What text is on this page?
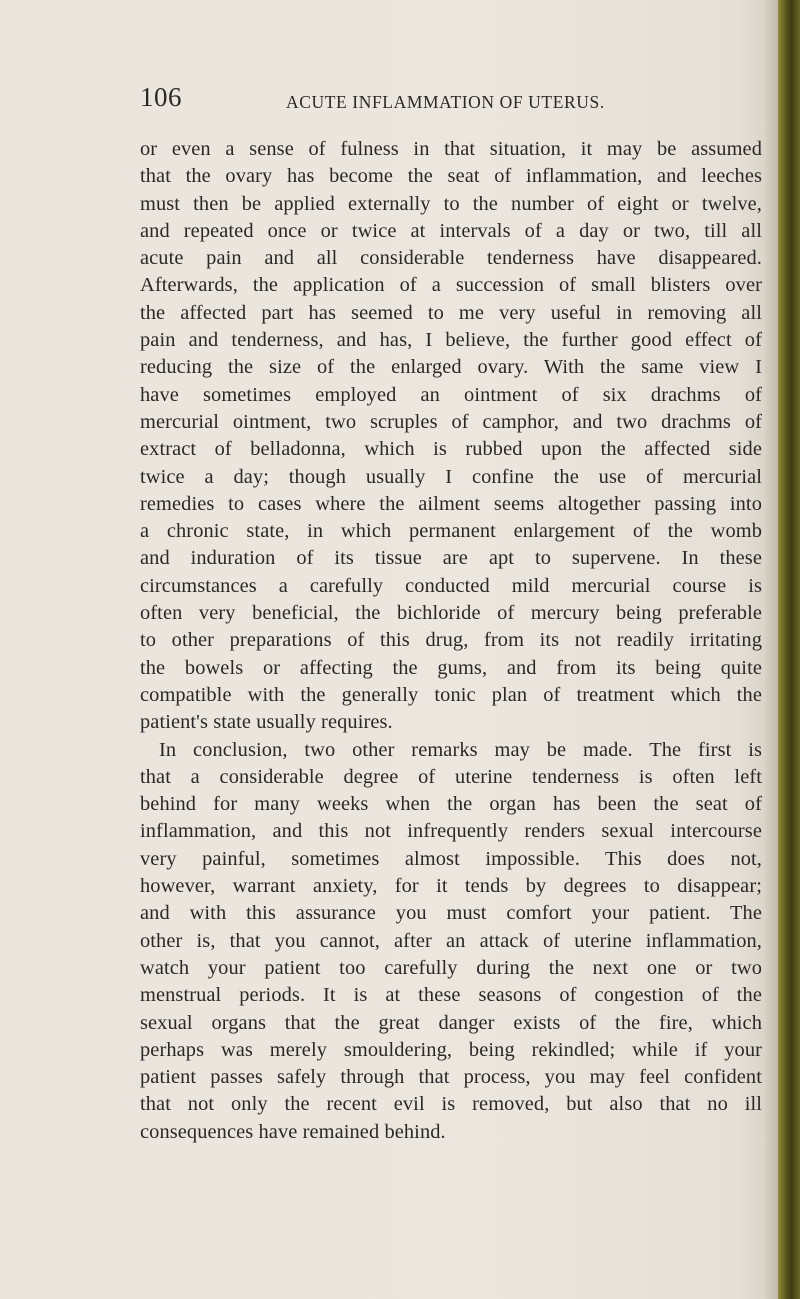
106	ACUTE INFLAMMATION OF UTERUS.
or even a sense of fulness in that situation, it may be assumed
that the ovary has become the seat of inflammation, and leeches
must then be applied externally to the number of eight or twelve,
and repeated once or twice at intervals of a day or two, till all
acute pain and all considerable tenderness have disappeared.
Afterwards, the application of a succession of small blisters over
the affected part has seemed to me very useful in removing all
pain and tenderness, and has, I believe, the further good effect of
reducing the size of the enlarged ovary. With the same view I
have sometimes employed an ointment of six drachms of
mercurial ointment, two scruples of camphor, and two drachms of
extract of belladonna, which is rubbed upon the affected side
twice a day; though usually I confine the use of mercurial
remedies to cases where the ailment seems altogether passing into
a chronic state, in which permanent enlargement of the womb
and induration of its tissue are apt to supervene. In these
circumstances a carefully conducted mild mercurial course is
often very beneficial, the bichloride of mercury being preferable
to other preparations of this drug, from its not readily irritating
the bowels or affecting the gums, and from its being quite
compatible with the generally tonic plan of treatment which the
patient's state usually requires.
In conclusion, two other remarks may be made. The first is
that a considerable degree of uterine tenderness is often left
behind for many weeks when the organ has been the seat of
inflammation, and this not infrequently renders sexual intercourse
very painful, sometimes almost impossible. This does not,
however, warrant anxiety, for it tends by degrees to disappear;
and with this assurance you must comfort your patient. The
other is, that you cannot, after an attack of uterine inflammation,
watch your patient too carefully during the next one or two
menstrual periods. It is at these seasons of congestion of the
sexual organs that the great danger exists of the fire, which
perhaps was merely smouldering, being rekindled; while if your
patient passes safely through that process, you may feel confident
that not only the recent evil is removed, but also that no ill
consequences have remained behind.
